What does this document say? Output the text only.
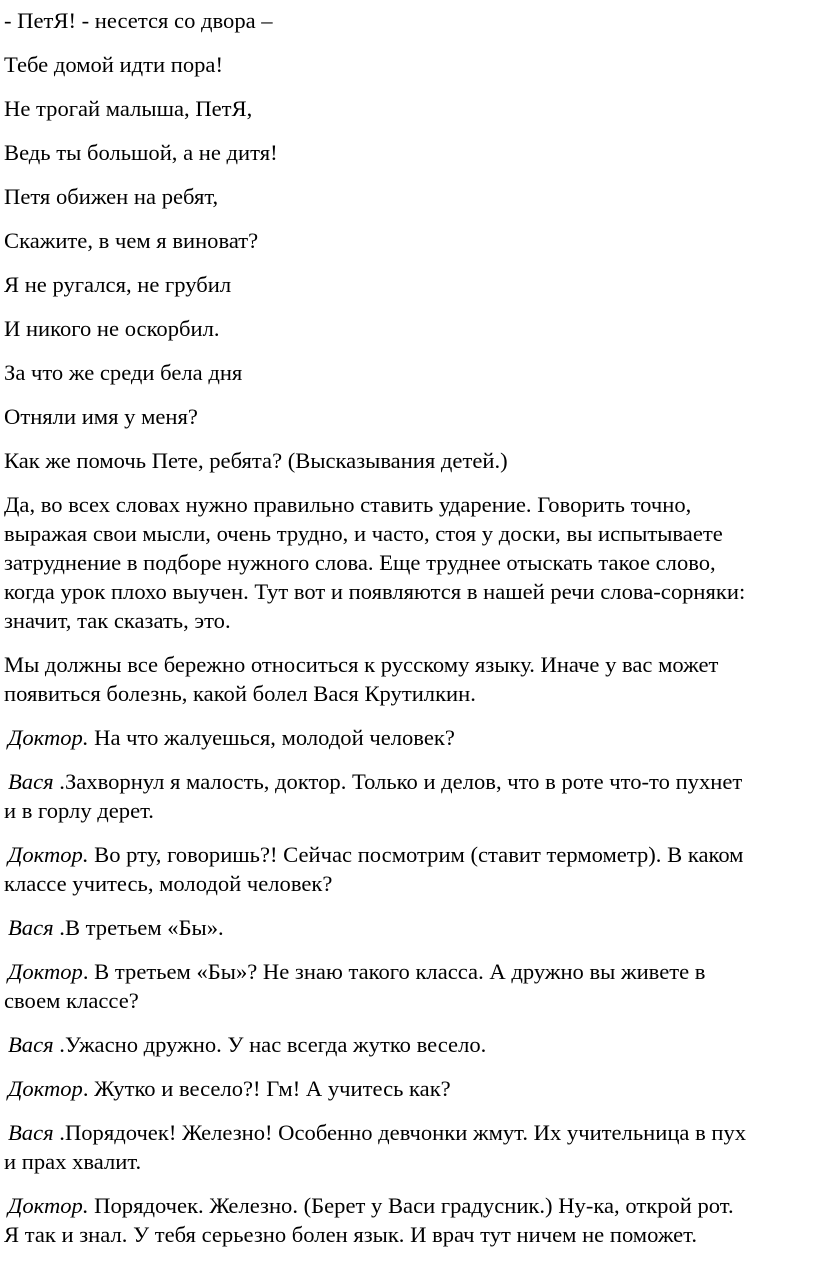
- ПетЯ! - несется со двора –

Тебе домой идти пора!

Не трогай малыша, ПетЯ,

Ведь ты большой, а не дитя!

Петя обижен на ребят,

Скажите, в чем я виноват?

Я не ругался, не грубил

И никого не оскорбил.

За что же среди бела дня

Отняли имя у меня?

Как же помочь Пете, ребята? (Высказывания детей.)

Да, во всех словах нужно правильно ставить ударение. Говорить точно,
выражая свои мысли, очень трудно, и часто, стоя у доски, вы испытываете
затруднение в подборе нужного слова. Еще труднее отыскать такое слово,
когда урок плохо выучен. Тут вот и появляются в нашей речи слова-сорняки:
значит, так сказать, это.
Мы должны все бережно относиться к русскому языку. Иначе у вас может
появиться болезнь, какой болел Вася Крутилкин.
Доктор. На что жалуешься, молодой человек?
Вася .Захворнул я малость, доктор. Только и делов, что в роте что-то пухнет
и в горлу дерет.
Доктор. Во рту, говоришь?! Сейчас посмотрим (ставит термометр). В каком
классе учитесь, молодой человек?
Вася .В третьем «Бы».
Доктор. В третьем «Бы»? Не знаю такого класса. А дружно вы живете в
своем классе?
Вася .Ужасно дружно. У нас всегда жутко весело.
Доктор. Жутко и весело?! Гм! А учитесь как?
Вася .Порядочек! Железно! Особенно девчонки жмут. Их учительница в пух
и прах хвалит.
Доктор. Порядочек. Железно. (Берет у Васи градусник.) Ну-ка, открой рот.
Я так и знал. У тебя серьезно болен язык. И врач тут ничем не поможет.
